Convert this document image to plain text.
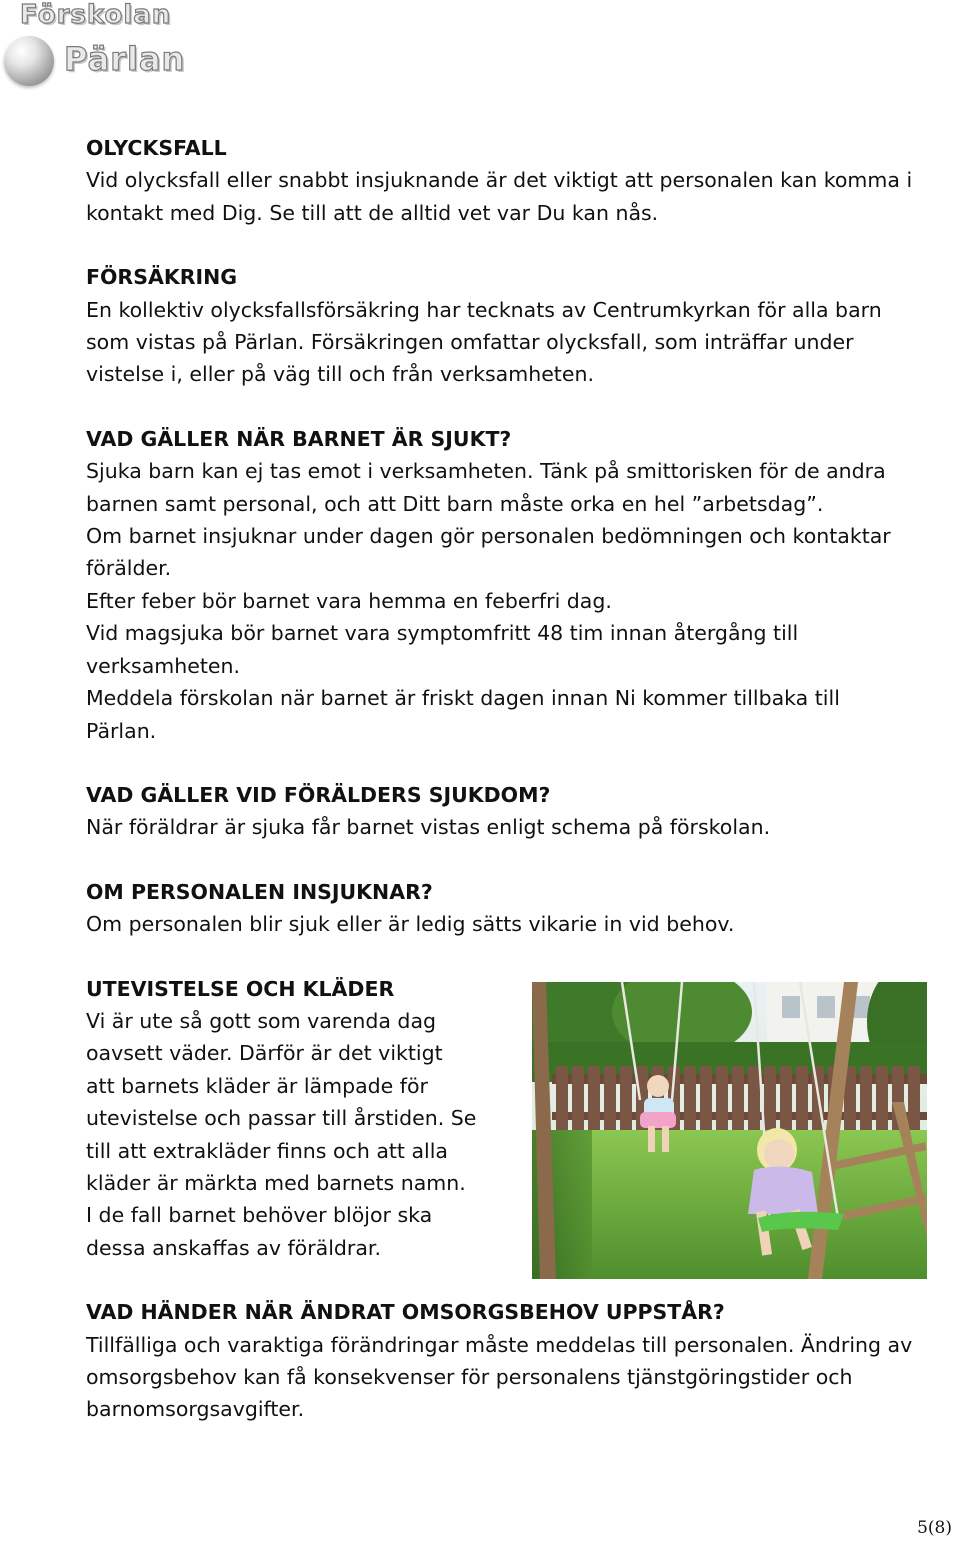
Förskolan
Pärlan

OLYCKSFALL

Vid olycksfall eller snabbt insjuknande är det viktigt att personalen kan komma i

kontakt med Dig. Se till att de alltid vet var Du kan nås.

FÖRSÄKRING

En kollektiv olycksfallsförsäkring har tecknats av Centrumkyrkan för alla barn

som vistas på Pärlan. Försäkringen omfattar olycksfall, som inträffar under

vistelse i, eller på väg till och från verksamheten.

VAD GÄLLER NÄR BARNET ÄR SJUKT?

Sjuka barn kan ej tas emot i verksamheten. Tänk på smittorisken för de andra

barnen samt personal, och att Ditt barn måste orka en hel ”arbetsdag”.

Om barnet insjuknar under dagen gör personalen bedömningen och kontaktar

förälder.

Efter feber bör barnet vara hemma en feberfri dag.

Vid magsjuka bör barnet vara symptomfritt 48 tim innan återgång till

verksamheten.

Meddela förskolan när barnet är friskt dagen innan Ni kommer tillbaka till

Pärlan.

VAD GÄLLER VID FÖRÄLDERS SJUKDOM?

När föräldrar är sjuka får barnet vistas enligt schema på förskolan.

OM PERSONALEN INSJUKNAR?

Om personalen blir sjuk eller är ledig sätts vikarie in vid behov.

UTEVISTELSE OCH KLÄDER

Vi är ute så gott som varenda dag

oavsett väder. Därför är det viktigt

att barnets kläder är lämpade för

utevistelse och passar till årstiden. Se

till att extrakläder finns och att alla

kläder är märkta med barnets namn.

I de fall barnet behöver blöjor ska

dessa anskaffas av föräldrar.

VAD HÄNDER NÄR ÄNDRAT OMSORGSBEHOV UPPSTÅR?

Tillfälliga och varaktiga förändringar måste meddelas till personalen. Ändring av

omsorgsbehov kan få konsekvenser för personalens tjänstgöringstider och

barnomsorgsavgifter.

5(8)
